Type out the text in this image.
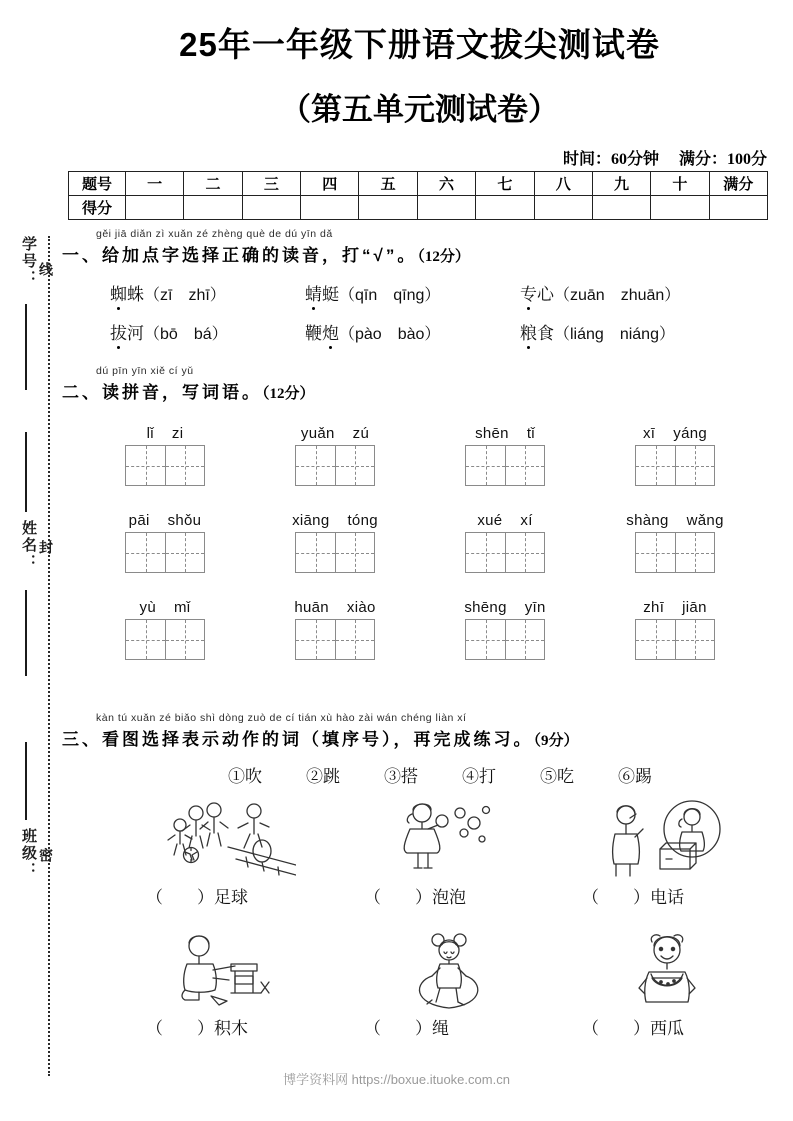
学号： 线
姓名： 封
班级： 密
25年一年级下册语文拔尖测试卷
（第五单元测试卷）
时间：60分钟 满分：100分
题号	一	二	三	四	五	六	七	八	九	十	满分
得分											
gěi jiā diǎn zì xuǎn zé zhèng què de dú yīn dǎ
一、给加点字选择正确的读音，打“√”。（12分）
蜘蛛（zī zhī）	蜻蜓（qīn qīng）	专心（zuān zhuān）
拔河（bō bá）	鞭炮（pào bào）	粮食（liáng niáng）
dú pīn yīn xiě cí yǔ
二、读拼音，写词语。（12分）
lǐ zi	yuǎn zú	shēn tǐ	xī yáng
pāi shǒu	xiāng tóng	xué xí	shàng wǎng
yù mǐ	huān xiào	shēng yīn	zhī jiān
kàn tú xuǎn zé biǎo shì dòng zuò de cí tián xù hào zài wán chéng liàn xí
三、看图选择表示动作的词（填序号），再完成练习。（9分）
①吹	②跳	③搭	④打	⑤吃	⑥踢
（ ）足球	（ ）泡泡	（ ）电话
（ ）积木	（ ）绳	（ ）西瓜
博学资料网 https://boxue.ituoke.com.cn
